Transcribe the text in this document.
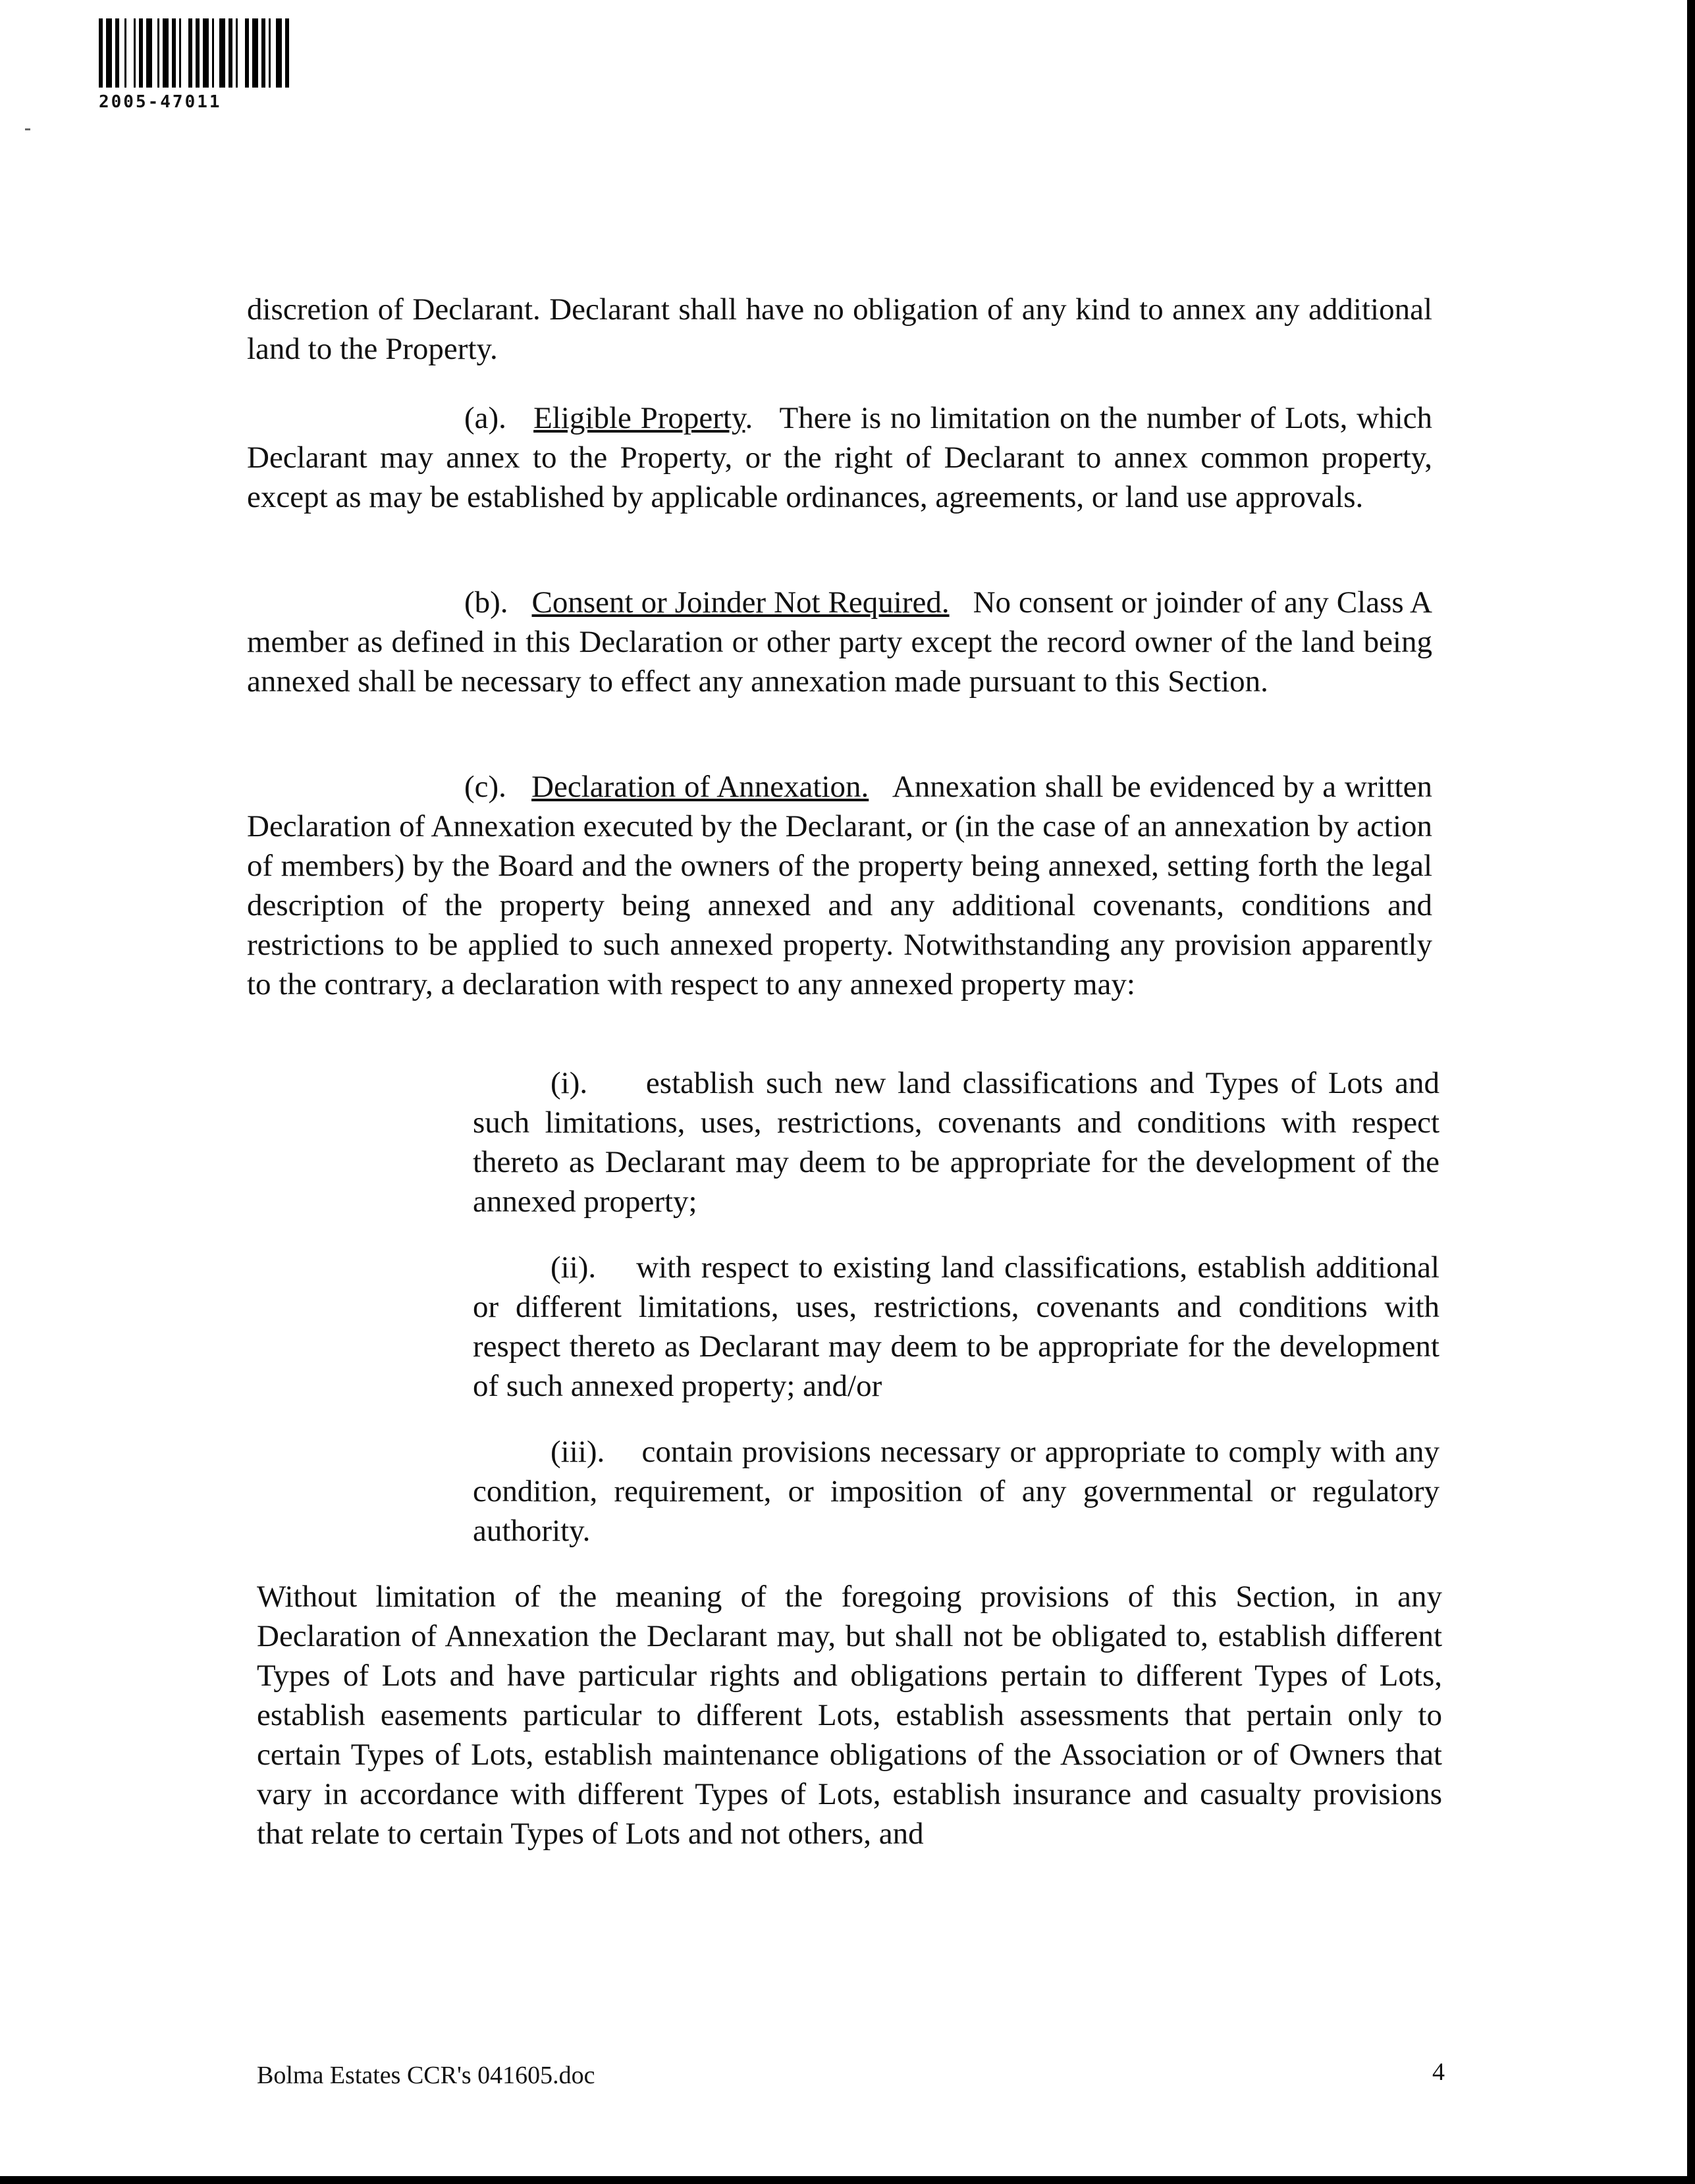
2005-47011

discretion of Declarant. Declarant shall have no obligation of any kind to annex any additional land to the Property.

(a). Eligible Property. There is no limitation on the number of Lots, which Declarant may annex to the Property, or the right of Declarant to annex common property, except as may be established by applicable ordinances, agreements, or land use approvals.

(b). Consent or Joinder Not Required. No consent or joinder of any Class A member as defined in this Declaration or other party except the record owner of the land being annexed shall be necessary to effect any annexation made pursuant to this Section.

(c). Declaration of Annexation. Annexation shall be evidenced by a written Declaration of Annexation executed by the Declarant, or (in the case of an annexation by action of members) by the Board and the owners of the property being annexed, setting forth the legal description of the property being annexed and any additional covenants, conditions and restrictions to be applied to such annexed property. Notwithstanding any provision apparently to the contrary, a declaration with respect to any annexed property may:

(i). establish such new land classifications and Types of Lots and such limitations, uses, restrictions, covenants and conditions with respect thereto as Declarant may deem to be appropriate for the development of the annexed property;

(ii). with respect to existing land classifications, establish additional or different limitations, uses, restrictions, covenants and conditions with respect thereto as Declarant may deem to be appropriate for the development of such annexed property; and/or

(iii). contain provisions necessary or appropriate to comply with any condition, requirement, or imposition of any governmental or regulatory authority.

Without limitation of the meaning of the foregoing provisions of this Section, in any Declaration of Annexation the Declarant may, but shall not be obligated to, establish different Types of Lots and have particular rights and obligations pertain to different Types of Lots, establish easements particular to different Lots, establish assessments that pertain only to certain Types of Lots, establish maintenance obligations of the Association or of Owners that vary in accordance with different Types of Lots, establish insurance and casualty provisions that relate to certain Types of Lots and not others, and

Bolma Estates CCR's 041605.doc	4
